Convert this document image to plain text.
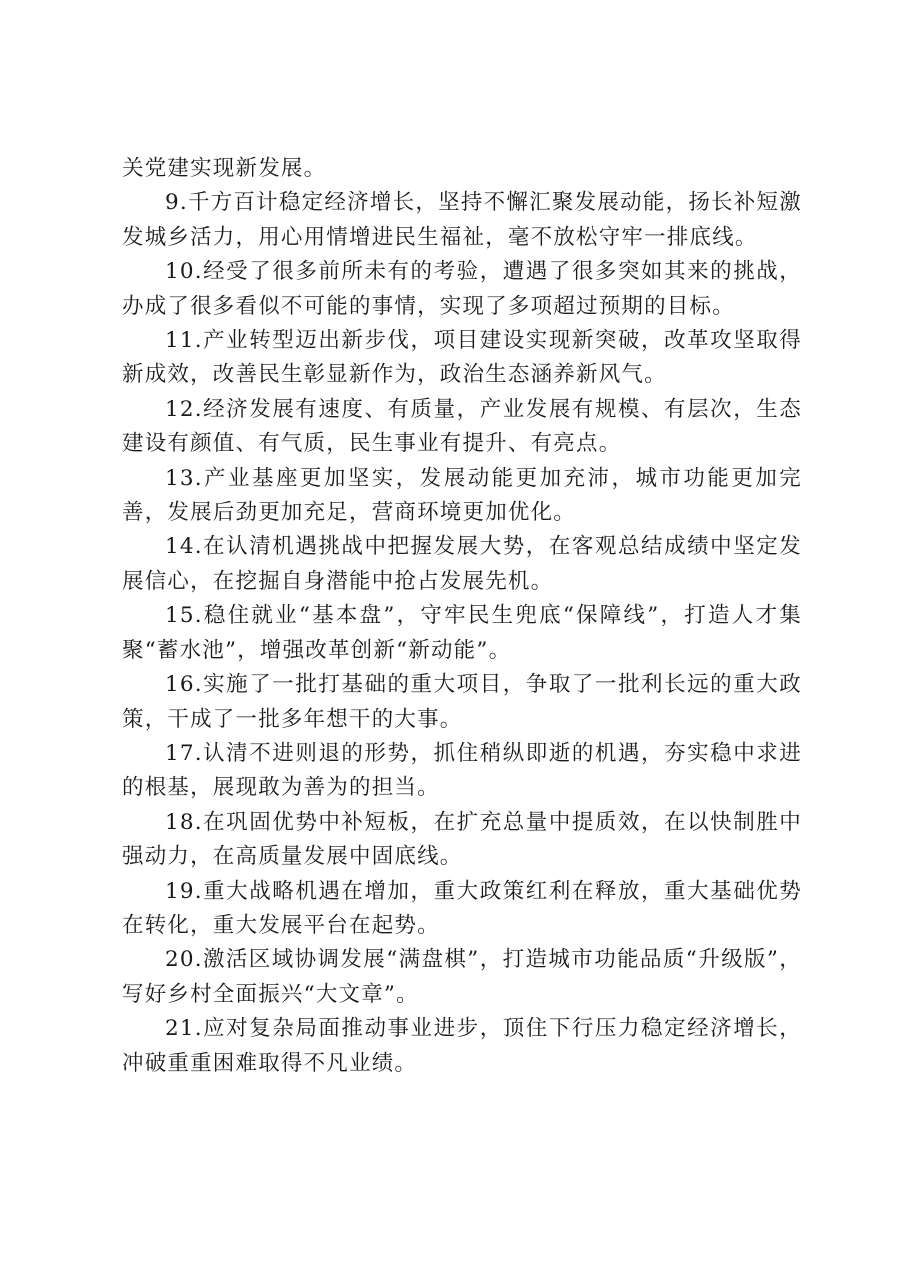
关党建实现新发展。

9.千方百计稳定经济增长，坚持不懈汇聚发展动能，扬长补短激发城乡活力，用心用情增进民生福祉，毫不放松守牢一排底线。

10.经受了很多前所未有的考验，遭遇了很多突如其来的挑战，办成了很多看似不可能的事情，实现了多项超过预期的目标。

11.产业转型迈出新步伐，项目建设实现新突破，改革攻坚取得新成效，改善民生彰显新作为，政治生态涵养新风气。

12.经济发展有速度、有质量，产业发展有规模、有层次，生态建设有颜值、有气质，民生事业有提升、有亮点。

13.产业基座更加坚实，发展动能更加充沛，城市功能更加完善，发展后劲更加充足，营商环境更加优化。

14.在认清机遇挑战中把握发展大势，在客观总结成绩中坚定发展信心，在挖掘自身潜能中抢占发展先机。

15.稳住就业“基本盘”，守牢民生兜底“保障线”，打造人才集聚“蓄水池”，增强改革创新“新动能”。

16.实施了一批打基础的重大项目，争取了一批利长远的重大政策，干成了一批多年想干的大事。

17.认清不进则退的形势，抓住稍纵即逝的机遇，夯实稳中求进的根基，展现敢为善为的担当。

18.在巩固优势中补短板，在扩充总量中提质效，在以快制胜中强动力，在高质量发展中固底线。

19.重大战略机遇在增加，重大政策红利在释放，重大基础优势在转化，重大发展平台在起势。

20.激活区域协调发展“满盘棋”，打造城市功能品质“升级版”，写好乡村全面振兴“大文章”。

21.应对复杂局面推动事业进步，顶住下行压力稳定经济增长，冲破重重困难取得不凡业绩。
